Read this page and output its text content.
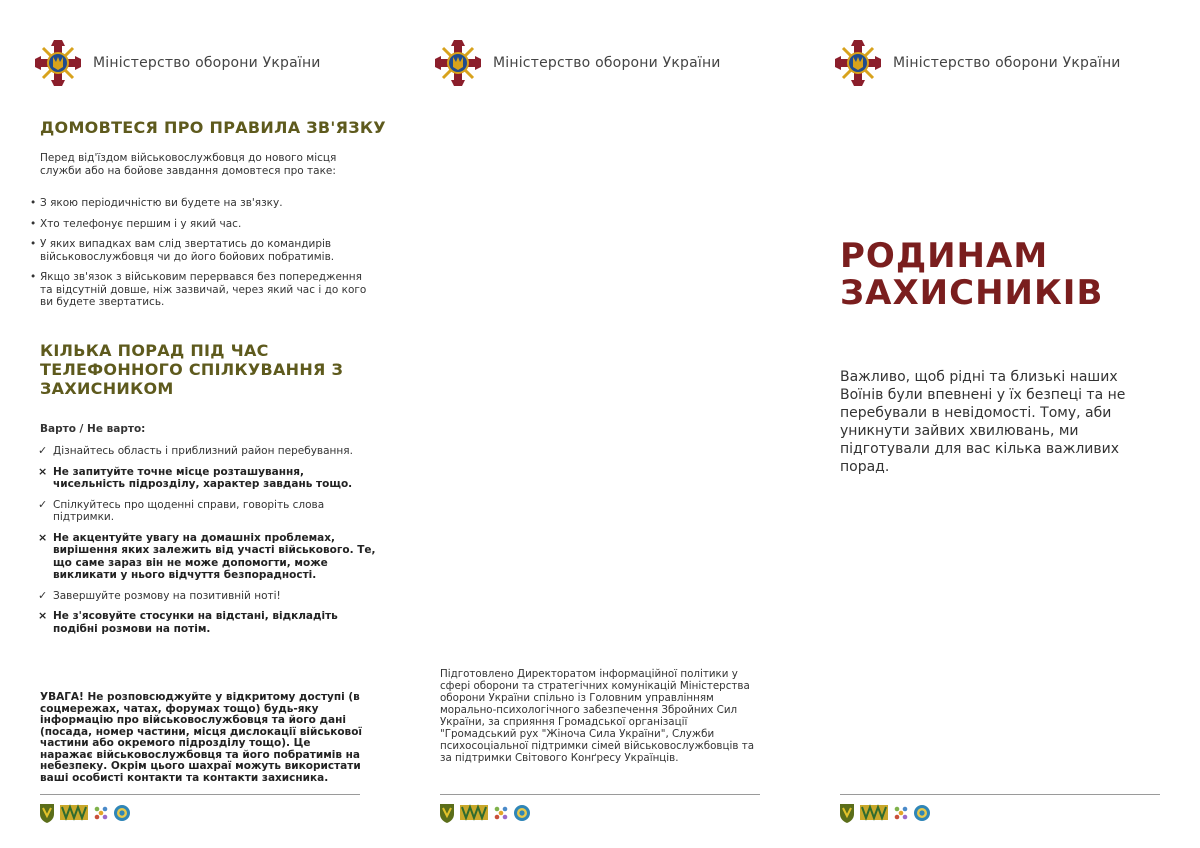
Міністерство оборони України
ДОМОВТЕСЯ ПРО ПРАВИЛА ЗВ'ЯЗКУ

Перед від'їздом військовослужбовця до нового місця служби або на бойове завдання домовтеся про таке:

• З якою періодичністю ви будете на зв'язку.
• Хто телефонує першим і у який час.
• У яких випадках вам слід звертатись до командирів військовослужбовця чи до його бойових побратимів.
• Якщо зв'язок з військовим перервався без попередження та відсутній довше, ніж зазвичай, через який час і до кого ви будете звертатись.
КІЛЬКА ПОРАД ПІД ЧАС ТЕЛЕФОННОГО СПІЛКУВАННЯ З ЗАХИСНИКОМ

Варто / Не варто:

✓ Дізнайтесь область і приблизний район перебування.
× Не запитуйте точне місце розташування, чисельність підрозділу, характер завдань тощо.
✓ Спілкуйтесь про щоденні справи, говоріть слова підтримки.
× Не акцентуйте увагу на домашніх проблемах, вирішення яких залежить від участі військового. Те, що саме зараз він не може допомогти, може викликати у нього відчуття безпорадності.
✓ Завершуйте розмову на позитивній ноті!
× Не з'ясовуйте стосунки на відстані, відкладіть подібні розмови на потім.

УВАГА! Не розповсюджуйте у відкритому доступі (в соцмережах, чатах, форумах тощо) будь-яку інформацію про військовослужбовця та його дані (посада, номер частини, місця дислокації військової частини або окремого підрозділу тощо). Це наражає військовослужбовця та його побратимів на небезпеку. Окрім цього шахраї можуть використати ваші особисті контакти та контакти захисника.

Міністерство оборони України

Підготовлено Директоратом інформаційної політики у сфері оборони та стратегічних комунікацій Міністерства оборони України спільно із Головним управлінням морально-психологічного забезпечення Збройних Сил України, за сприяння Громадської організації "Громадський рух "Жіноча Сила України", Служби психосоціальної підтримки сімей військовослужбовців та за підтримки Світового Конґресу Українців.

Міністерство оборони України
РОДИНАМ
ЗАХИСНИКІВ

Важливо, щоб рідні та близькі наших Воїнів були впевнені у їх безпеці та не перебували в невідомості. Тому, аби уникнути зайвих хвилювань, ми підготували для вас кілька важливих порад.
